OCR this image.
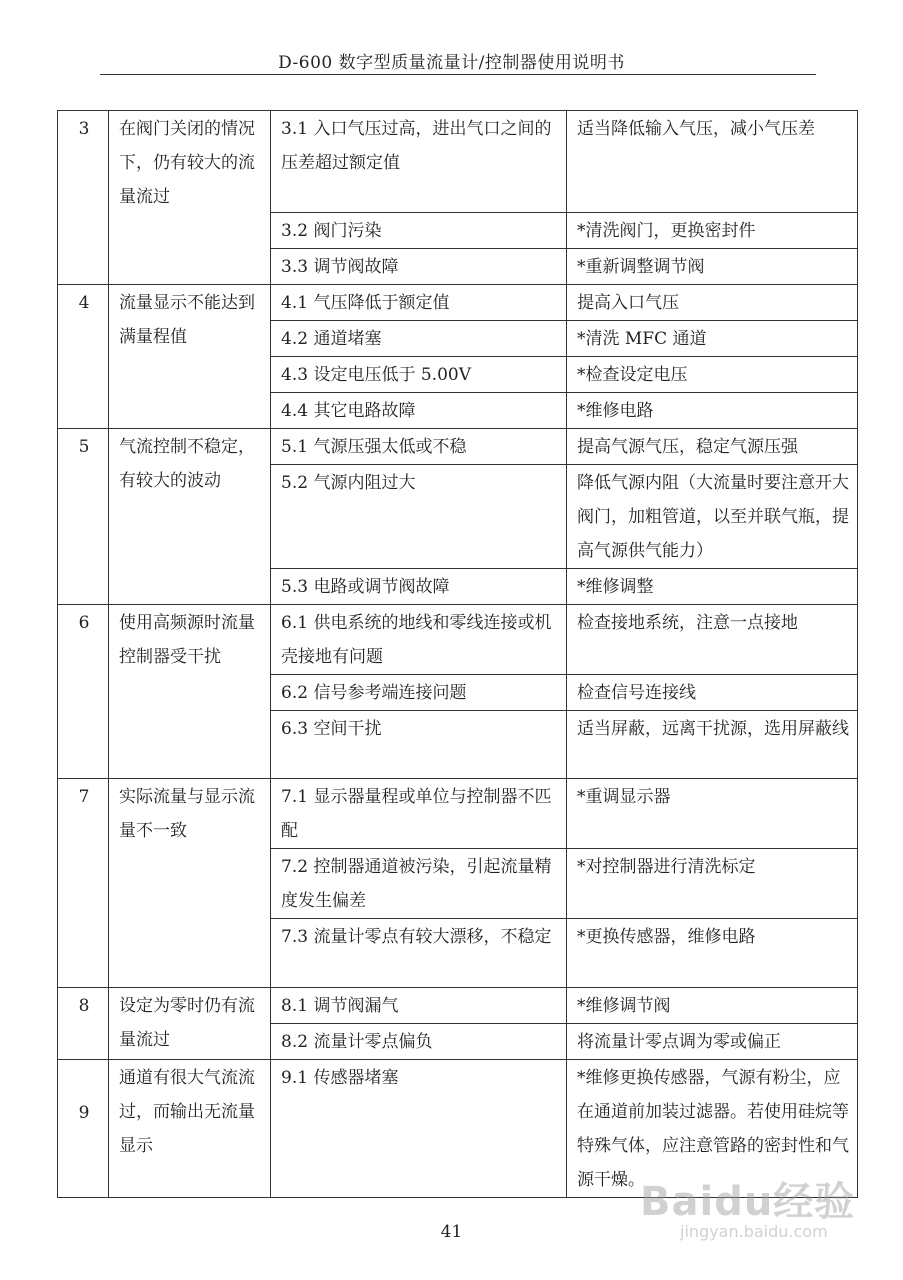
D-600 数字型质量流量计/控制器使用说明书
3	在阀门关闭的情况下，仍有较大的流量流过	3.1 入口气压过高，进出气口之间的压差超过额定值	适当降低输入气压，减小气压差
		3.2 阀门污染	*清洗阀门，更换密封件
		3.3 调节阀故障	*重新调整调节阀
4	流量显示不能达到满量程值	4.1 气压降低于额定值	提高入口气压
		4.2 通道堵塞	*清洗 MFC 通道
		4.3 设定电压低于 5.00V	*检查设定电压
		4.4 其它电路故障	*维修电路
5	气流控制不稳定，有较大的波动	5.1 气源压强太低或不稳	提高气源气压，稳定气源压强
		5.2 气源内阻过大	降低气源内阻（大流量时要注意开大阀门，加粗管道，以至并联气瓶，提高气源供气能力）
		5.3 电路或调节阀故障	*维修调整
6	使用高频源时流量控制器受干扰	6.1 供电系统的地线和零线连接或机壳接地有问题	检查接地系统，注意一点接地
		6.2 信号参考端连接问题	检查信号连接线
		6.3 空间干扰	适当屏蔽，远离干扰源，选用屏蔽线
7	实际流量与显示流量不一致	7.1 显示器量程或单位与控制器不匹配	*重调显示器
		7.2 控制器通道被污染，引起流量精度发生偏差	*对控制器进行清洗标定
		7.3 流量计零点有较大漂移，不稳定	*更换传感器，维修电路
8	设定为零时仍有流量流过	8.1 调节阀漏气	*维修调节阀
		8.2 流量计零点偏负	将流量计零点调为零或偏正
9	通道有很大气流流过，而输出无流量显示	9.1 传感器堵塞	*维修更换传感器，气源有粉尘，应在通道前加装过滤器。若使用硅烷等特殊气体，应注意管路的密封性和气源干燥。
Baidu经验
jingyan.baidu.com
41
